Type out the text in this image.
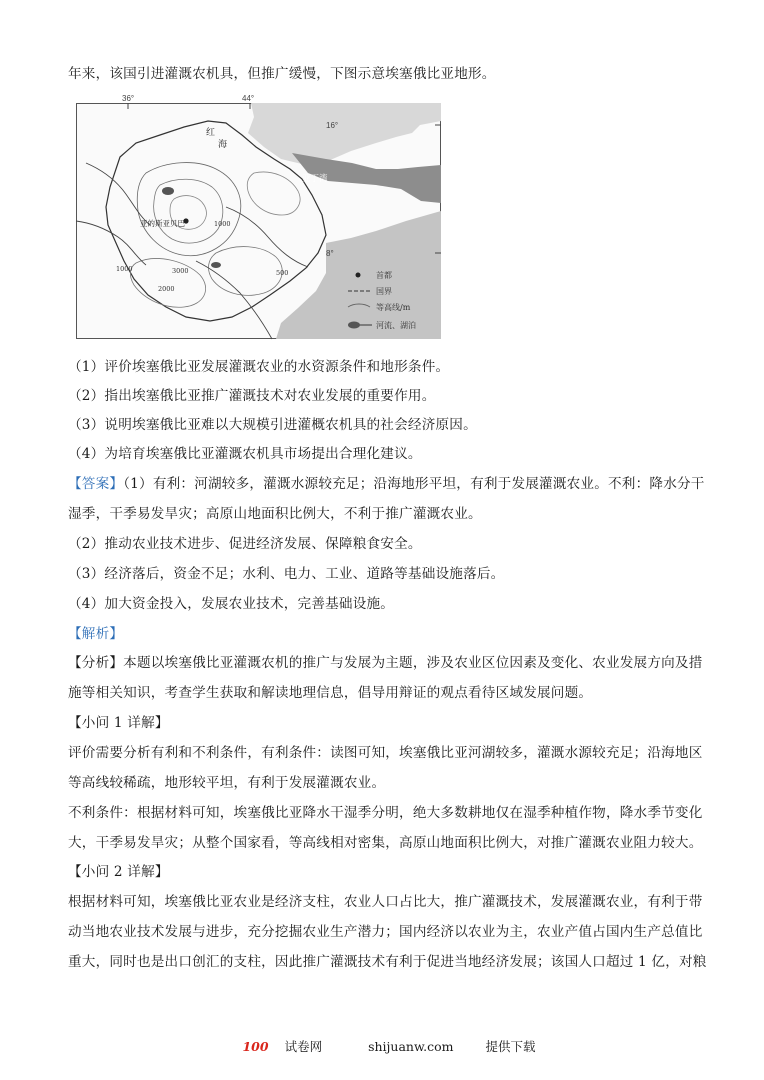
年来，该国引进灌溉农机具，但推广缓慢，下图示意埃塞俄比亚地形。
36°	44°
16°
8°
红
海
亚丁湾
亚的斯亚贝巴	1000
1000	3000
2000
500	首都
国界
等高线/m
河流、湖泊
（1）评价埃塞俄比亚发展灌溉农业的水资源条件和地形条件。
（2）指出埃塞俄比亚推广灌溉技术对农业发展的重要作用。
（3）说明埃塞俄比亚难以大规模引进灌概农机具的社会经济原因。
（4）为培育埃塞俄比亚灌溉农机具市场提出合理化建议。
【答案】（1）有利：河湖较多，灌溉水源较充足；沿海地形平坦，有利于发展灌溉农业。不利：降水分干
湿季，干季易发旱灾；高原山地面积比例大，不利于推广灌溉农业。
（2）推动农业技术进步、促进经济发展、保障粮食安全。
（3）经济落后，资金不足；水利、电力、工业、道路等基础设施落后。
（4）加大资金投入，发展农业技术，完善基础设施。
【解析】
【分析】本题以埃塞俄比亚灌溉农机的推广与发展为主题，涉及农业区位因素及变化、农业发展方向及措
施等相关知识，考查学生获取和解读地理信息，倡导用辩证的观点看待区域发展问题。
【小问 1 详解】
评价需要分析有利和不利条件，有利条件：读图可知，埃塞俄比亚河湖较多，灌溉水源较充足；沿海地区
等高线较稀疏，地形较平坦，有利于发展灌溉农业。
不利条件：根据材料可知，埃塞俄比亚降水干湿季分明，绝大多数耕地仅在湿季种植作物，降水季节变化
大，干季易发旱灾；从整个国家看，等高线相对密集，高原山地面积比例大，对推广灌溉农业阻力较大。
【小问 2 详解】
根据材料可知，埃塞俄比亚农业是经济支柱，农业人口占比大，推广灌溉技术，发展灌溉农业，有利于带
动当地农业技术发展与进步，充分挖掘农业生产潜力；国内经济以农业为主，农业产值占国内生产总值比
重大，同时也是出口创汇的支柱，因此推广灌溉技术有利于促进当地经济发展；该国人口超过 1 亿，对粮
100 试卷网	shijuanw.com	提供下载
